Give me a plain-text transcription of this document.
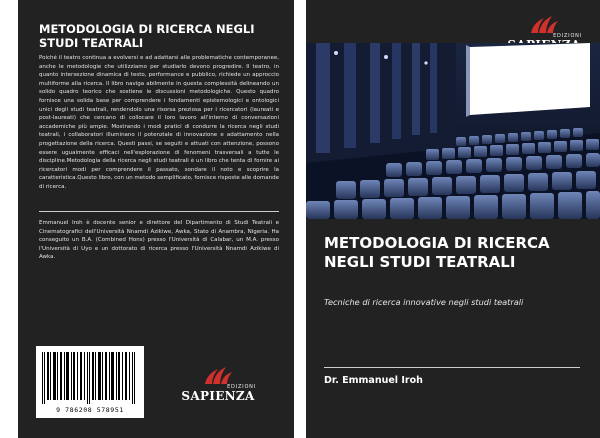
METODOLOGIA DI RICERCA NEGLI STUDI TEATRALI

Poiché il teatro continua a evolversi e ad adattarsi alle problematiche contemporanee, anche le metodologie che utilizziamo per studiarlo devono progredire. Il teatro, in quanto intersezione dinamica di testo, performance e pubblico, richiede un approccio multiforme alla ricerca. Il libro naviga abilmente in questa complessità delineando un solido quadro teorico che sostiene le discussioni metodologiche. Questo quadro fornisce una solida base per comprendere i fondamenti epistemologici e ontologici unici degli studi teatrali, rendendolo una risorsa preziosa per i ricercatori (laureati e post-laureati) che cercano di collocare il loro lavoro all'interno di conversazioni accademiche più ampie. Mostrando i modi pratici di condurre la ricerca negli studi teatrali, i collaboratori illuminano il potenziale di innovazione e adattamento nella progettazione della ricerca. Questi passi, se seguiti e attuati con attenzione, possono essere ugualmente efficaci nell'esplorazione di fenomeni trasversali a tutte le discipline.Metodologia della ricerca negli studi teatrali è un libro che tenta di fornire ai ricercatori modi per comprendere il passato, sondare il noto e scoprire la caratteristica.Questo libro, con un metodo semplificato, fornisce risposte alle domande di ricerca.

Emmanuel Iroh è docente senior e direttore del Dipartimento di Studi Teatrali e Cinematografici dell'Università Nnamdi Azikiwe, Awka, Stato di Anambra, Nigeria. Ha conseguito un B.A. (Combined Hons) presso l'Università di Calabar, un M.A. presso l'Università di Uyo e un dottorato di ricerca presso l'Università Nnamdi Azikiwe di Awka.

9 786208 578951
EDIZIONI
SAPIENZA
EDIZIONI
METODOLOGIA DI RICERCA NEGLI STUDI TEATRALI

Tecniche di ricerca innovative negli studi teatrali

Dr. Emmanuel Iroh
